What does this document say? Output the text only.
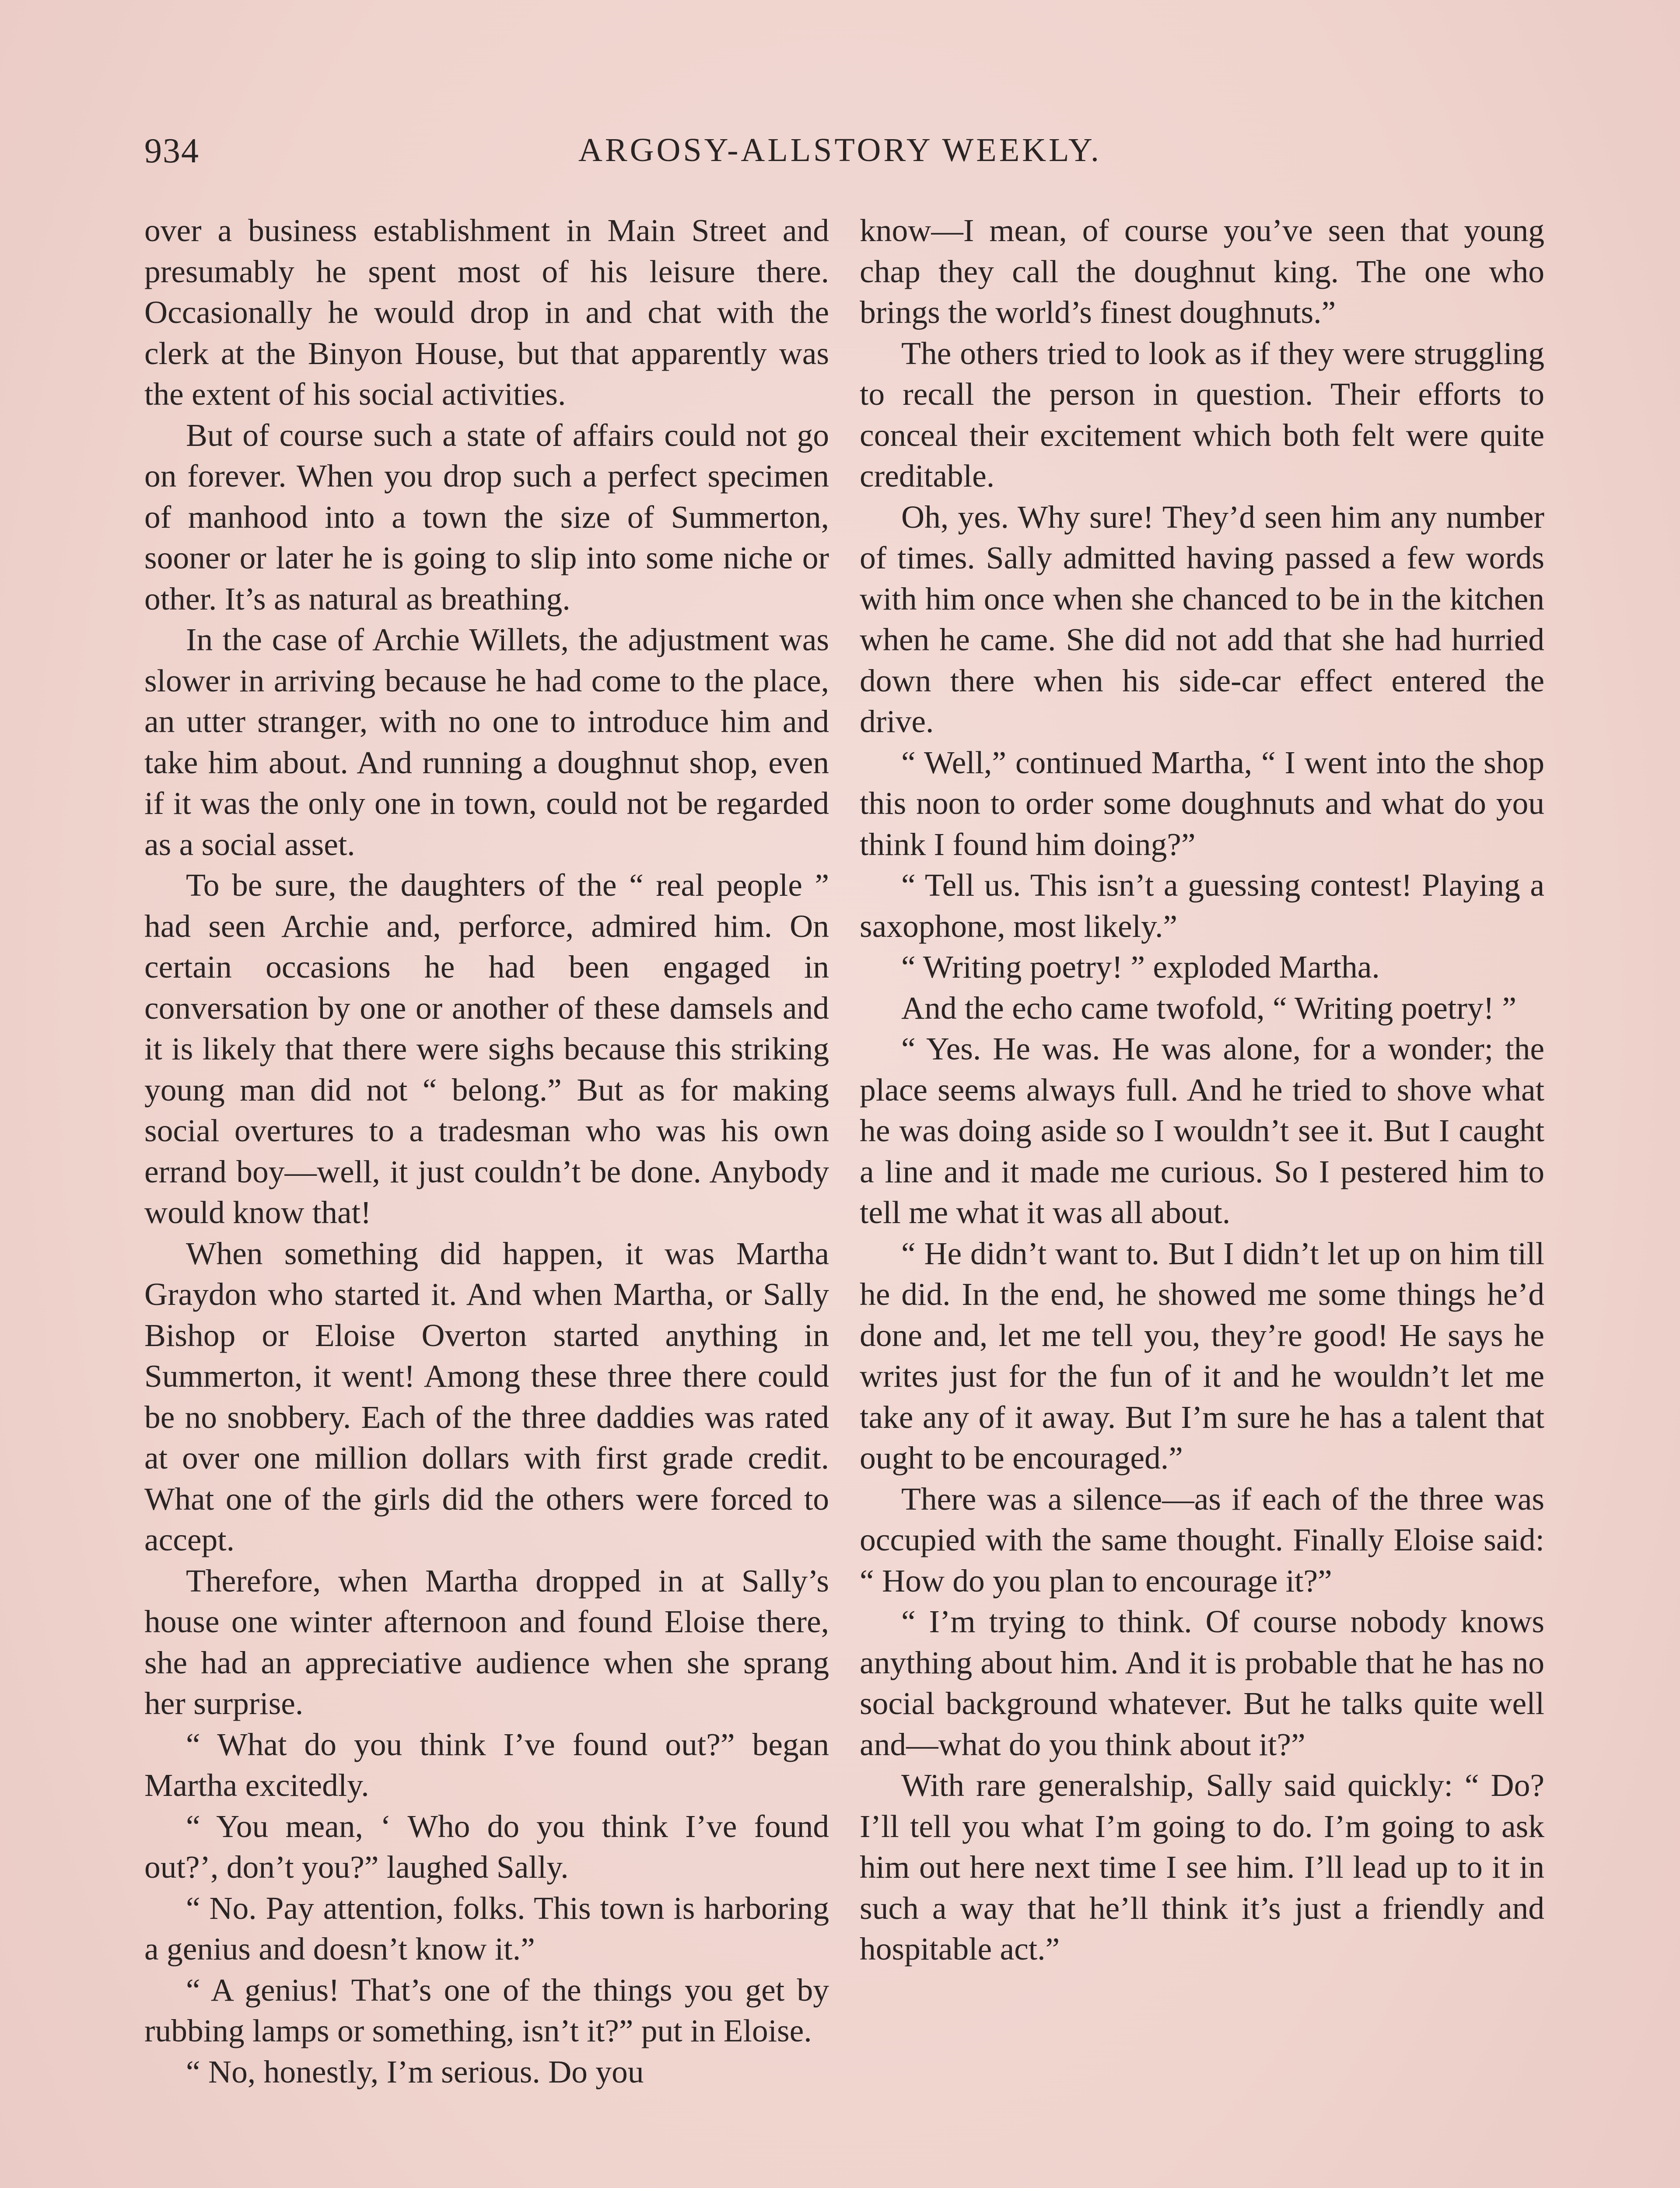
934	ARGOSY-ALLSTORY WEEKLY.

over a business establishment in Main Street and presumably he spent most of his leisure there. Occasionally he would drop in and chat with the clerk at the Binyon House, but that apparently was the extent of his social activities.

But of course such a state of affairs could not go on forever. When you drop such a perfect specimen of manhood into a town the size of Summerton, sooner or later he is going to slip into some niche or other. It’s as natural as breathing.

In the case of Archie Willets, the adjustment was slower in arriving because he had come to the place, an utter stranger, with no one to introduce him and take him about. And running a doughnut shop, even if it was the only one in town, could not be regarded as a social asset.

To be sure, the daughters of the “ real people ” had seen Archie and, perforce, admired him. On certain occasions he had been engaged in conversation by one or another of these damsels and it is likely that there were sighs because this striking young man did not “ belong.” But as for making social overtures to a tradesman who was his own errand boy—well, it just couldn’t be done. Anybody would know that!

When something did happen, it was Martha Graydon who started it. And when Martha, or Sally Bishop or Eloise Overton started anything in Summerton, it went! Among these three there could be no snobbery. Each of the three daddies was rated at over one million dollars with first grade credit. What one of the girls did the others were forced to accept.

Therefore, when Martha dropped in at Sally’s house one winter afternoon and found Eloise there, she had an appreciative audience when she sprang her surprise.

“ What do you think I’ve found out?” began Martha excitedly.

“ You mean, ‘ Who do you think I’ve found out?’, don’t you?” laughed Sally.

“ No. Pay attention, folks. This town is harboring a genius and doesn’t know it.”

“ A genius! That’s one of the things you get by rubbing lamps or something, isn’t it?” put in Eloise.

“ No, honestly, I’m serious. Do you

know—I mean, of course you’ve seen that young chap they call the doughnut king. The one who brings the world’s finest doughnuts.”

The others tried to look as if they were struggling to recall the person in question. Their efforts to conceal their excitement which both felt were quite creditable.

Oh, yes. Why sure! They’d seen him any number of times. Sally admitted having passed a few words with him once when she chanced to be in the kitchen when he came. She did not add that she had hurried down there when his side-car effect entered the drive.

“ Well,” continued Martha, “ I went into the shop this noon to order some doughnuts and what do you think I found him doing?”

“ Tell us. This isn’t a guessing contest! Playing a saxophone, most likely.”

“ Writing poetry! ” exploded Martha.

And the echo came twofold, “ Writing poetry! ”

“ Yes. He was. He was alone, for a wonder; the place seems always full. And he tried to shove what he was doing aside so I wouldn’t see it. But I caught a line and it made me curious. So I pestered him to tell me what it was all about.

“ He didn’t want to. But I didn’t let up on him till he did. In the end, he showed me some things he’d done and, let me tell you, they’re good! He says he writes just for the fun of it and he wouldn’t let me take any of it away. But I’m sure he has a talent that ought to be encouraged.”

There was a silence—as if each of the three was occupied with the same thought. Finally Eloise said: “ How do you plan to encourage it?”

“ I’m trying to think. Of course nobody knows anything about him. And it is probable that he has no social background whatever. But he talks quite well and—what do you think about it?”

With rare generalship, Sally said quickly: “ Do? I’ll tell you what I’m going to do. I’m going to ask him out here next time I see him. I’ll lead up to it in such a way that he’ll think it’s just a friendly and hospitable act.”
